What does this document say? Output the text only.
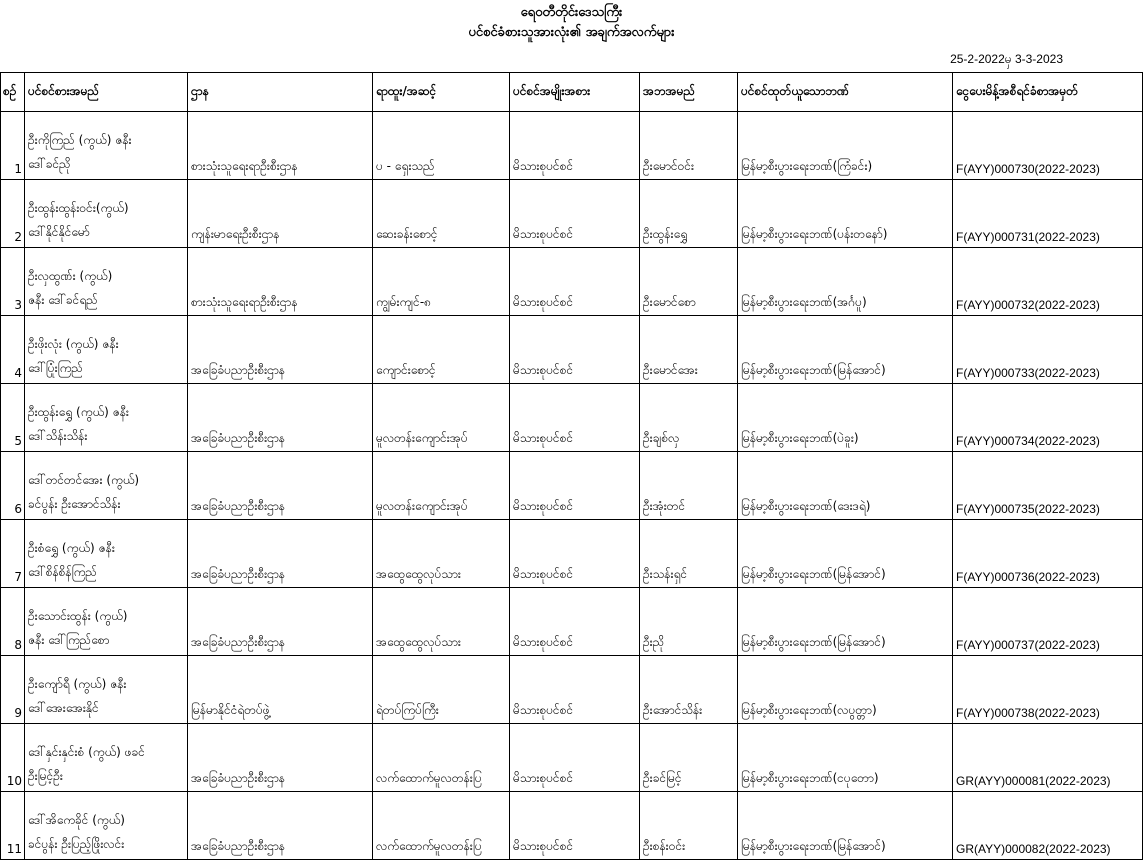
ရေဝတီတိုင်းဒေသကြီး
ပင်စင်ခံစားသူအားလုံး၏ အချက်အလက်များ
25-2-2022မှ 3-3-2023
စဉ်	ပင်စင်စားအမည်	ဌာန	ရာထူး/အဆင့်	ပင်စင်အမျိုးအစား	အဘအမည်	ပင်စင်ထုတ်ယူသောဘဏ်	ငွေပေးမိန့်အစီရင်ခံစာအမှတ်
1	ဦးကိုကြည် (ကွယ်) ဇနီး
ဒေါ်ခင်ညို	စားသုံးသူရေးရာဦးစီးဌာန	ပ - ရှေးသည်	မိသားစုပင်စင်	ဦးမောင်ဝင်း	မြန်မာ့စီးပွားရေးဘဏ်(ကြံခင်း)	F(AYY)000730(2022-2023)
2	ဦးထွန်းထွန်းဝင်း(ကွယ်)
ဒေါ်နိုင်နိုင်မော်	ကျန်းမာရေးဦးစီးဌာန	ဆေးခန်းစောင့်	မိသားစုပင်စင်	ဦးထွန်းရွှေ	မြန်မာ့စီးပွားရေးဘဏ်(ပန်းတနော်)	F(AYY)000731(2022-2023)
3	ဦးလှထွဏ်း (ကွယ်)
ဇနီး ဒေါ်ခင်ရည်	စားသုံးသူရေးရာဦးစီးဌာန	ကျွမ်းကျင်-၈	မိသားစုပင်စင်	ဦးမောင်စော	မြန်မာ့စီးပွားရေးဘဏ်(အင်္ဂပူ)	F(AYY)000732(2022-2023)
4	ဦးဖိုးလုံး (ကွယ်) ဇနီး
ဒေါ်ပြုံးကြည်	အခြေခံပညာဦးစီးဌာန	ကျောင်းစောင့်	မိသားစုပင်စင်	ဦးမောင်အေး	မြန်မာ့စီးပွားရေးဘဏ်(မြန်အောင်)	F(AYY)000733(2022-2023)
5	ဦးထွန်းရွှေ (ကွယ်) ဇနီး
ဒေါ်သိန်းသိန်း	အခြေခံပညာဦးစီးဌာန	မူလတန်းကျောင်းအုပ်	မိသားစုပင်စင်	ဦးချစ်လှ	မြန်မာ့စီးပွားရေးဘဏ်(ပဲခူး)	F(AYY)000734(2022-2023)
6	ဒေါ်တင်တင်အေး (ကွယ်)
ခင်ပွန်း ဦးအောင်သိန်း	အခြေခံပညာဦးစီးဌာန	မူလတန်းကျောင်းအုပ်	မိသားစုပင်စင်	ဦးအုံးတင်	မြန်မာ့စီးပွားရေးဘဏ်(ဒေးဒရဲ)	F(AYY)000735(2022-2023)
7	ဦးစံရွှေ (ကွယ်) ဇနီး
ဒေါ်စိန်စိန်ကြည်	အခြေခံပညာဦးစီးဌာန	အထွေထွေလုပ်သား	မိသားစုပင်စင်	ဦးသန်းရှင်	မြန်မာ့စီးပွားရေးဘဏ်(မြန်အောင်)	F(AYY)000736(2022-2023)
8	ဦးသောင်းထွန်း (ကွယ်)
ဇနီး ဒေါ်ကြည်စော	အခြေခံပညာဦးစီးဌာန	အထွေထွေလုပ်သား	မိသားစုပင်စင်	ဦးညို	မြန်မာ့စီးပွားရေးဘဏ်(မြန်အောင်)	F(AYY)000737(2022-2023)
9	ဦးကျော်ရီ (ကွယ်) ဇနီး
ဒေါ်အေးအေးနိုင်	မြန်မာနိုင်ငံရဲတပ်ဖွဲ့	ရဲတပ်ကြပ်ကြီး	မိသားစုပင်စင်	ဦးအောင်သိန်း	မြန်မာ့စီးပွားရေးဘဏ်(လပွတ္တာ)	F(AYY)000738(2022-2023)
10	ဒေါ်နှင်းနှင်းစံ (ကွယ်) ဖခင်
ဦးမြင့်ဦး	အခြေခံပညာဦးစီးဌာန	လက်ထောက်မူလတန်းပြ	မိသားစုပင်စင်	ဦးခင်မြင့်	မြန်မာ့စီးပွားရေးဘဏ်(ငပုတော)	GR(AYY)000081(2022-2023)
11	ဒေါ်အိကေခိုင် (ကွယ်)
ခင်ပွန်း ဦးပြည့်ဖြိုးလင်း	အခြေခံပညာဦးစီးဌာန	လက်ထောက်မူလတန်းပြ	မိသားစုပင်စင်	ဦးစန်းဝင်း	မြန်မာ့စီးပွားရေးဘဏ်(မြန်အောင်)	GR(AYY)000082(2022-2023)
